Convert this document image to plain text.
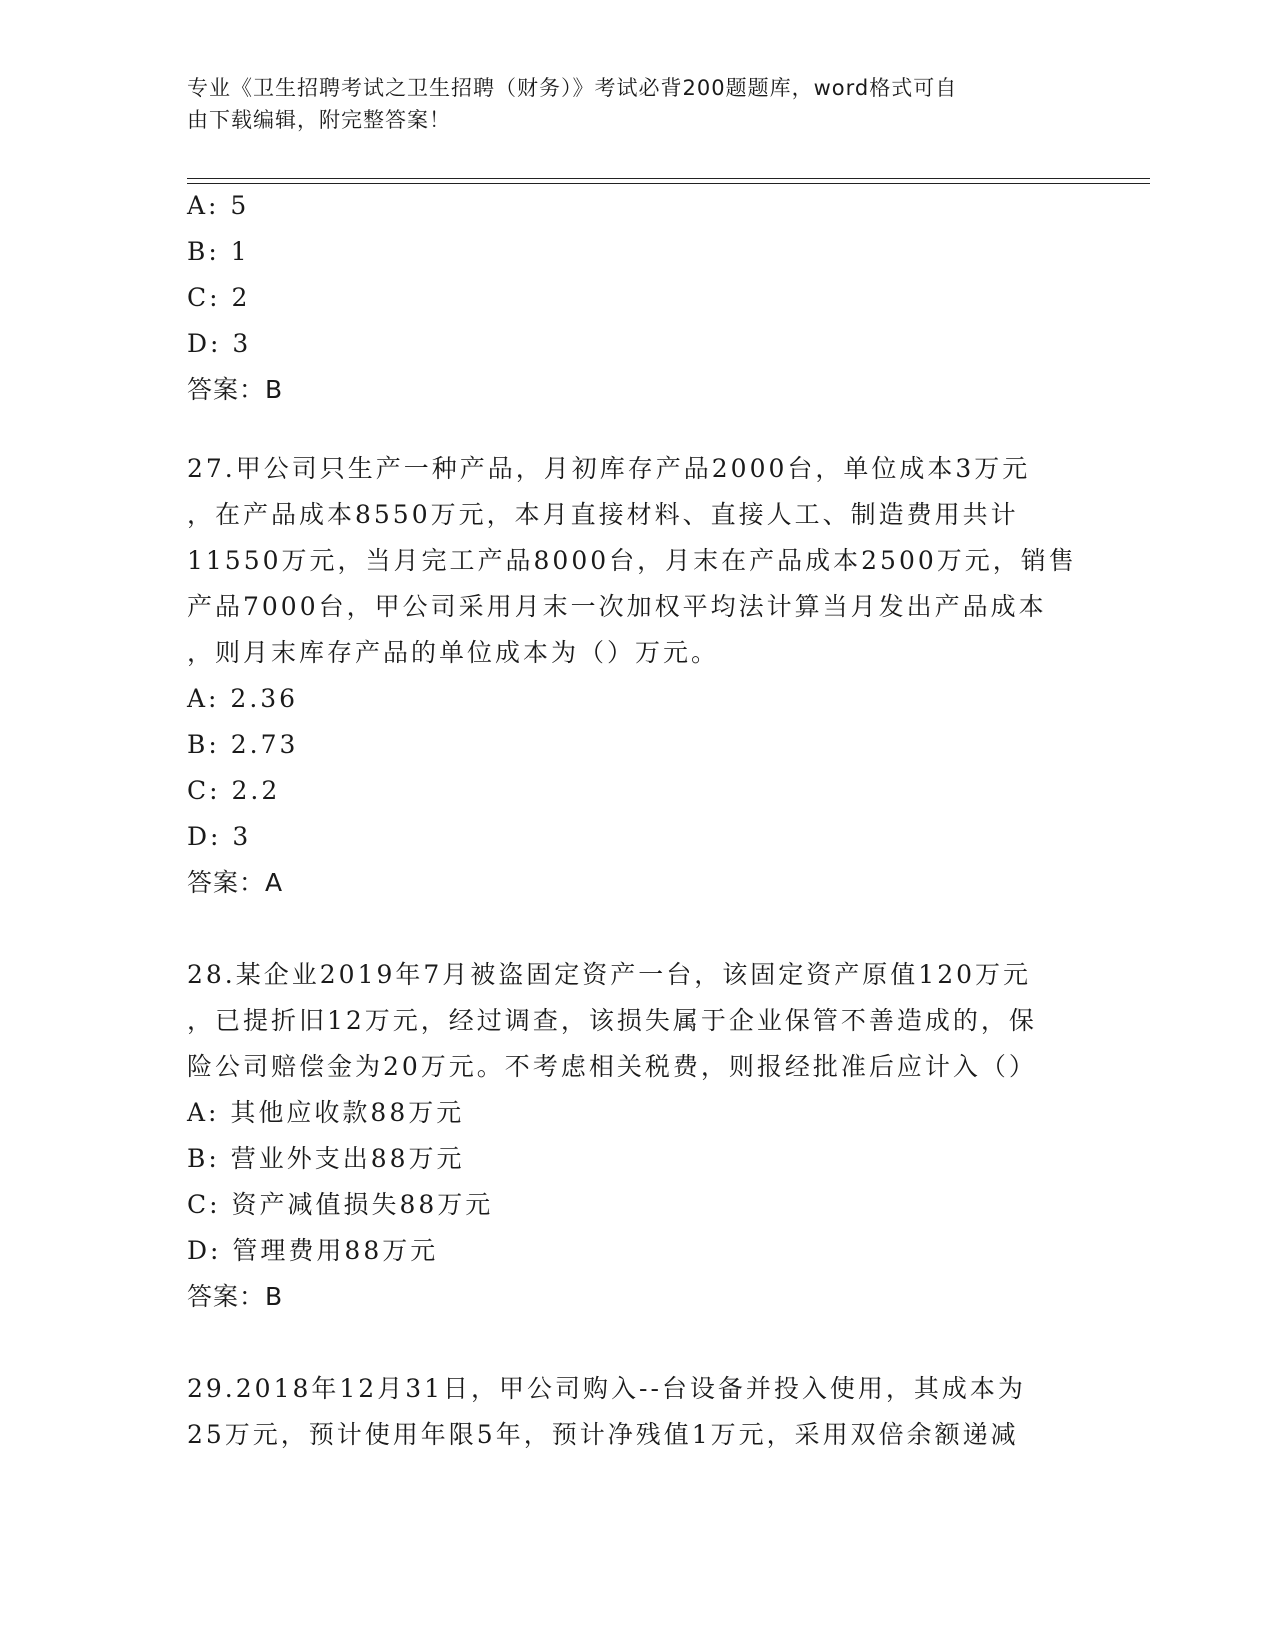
专业《卫生招聘考试之卫生招聘（财务）》考试必背200题题库，word格式可自
由下载编辑，附完整答案！
A: 5
B: 1
C: 2
D: 3
答案：B
27.甲公司只生产一种产品，月初库存产品2000台，单位成本3万元
，在产品成本8550万元，本月直接材料、直接人工、制造费用共计
11550万元，当月完工产品8000台，月末在产品成本2500万元，销售
产品7000台，甲公司采用月末一次加权平均法计算当月发出产品成本
，则月末库存产品的单位成本为（）万元。
A: 2.36
B: 2.73
C: 2.2
D: 3
答案：A
28.某企业2019年7月被盗固定资产一台，该固定资产原值120万元
，已提折旧12万元，经过调查，该损失属于企业保管不善造成的，保
险公司赔偿金为20万元。不考虑相关税费，则报经批准后应计入（）
A: 其他应收款88万元
B: 营业外支出88万元
C: 资产减值损失88万元
D: 管理费用88万元
答案：B
29.2018年12月31日，甲公司购入--台设备并投入使用，其成本为
25万元，预计使用年限5年，预计净残值1万元，采用双倍余额递减
